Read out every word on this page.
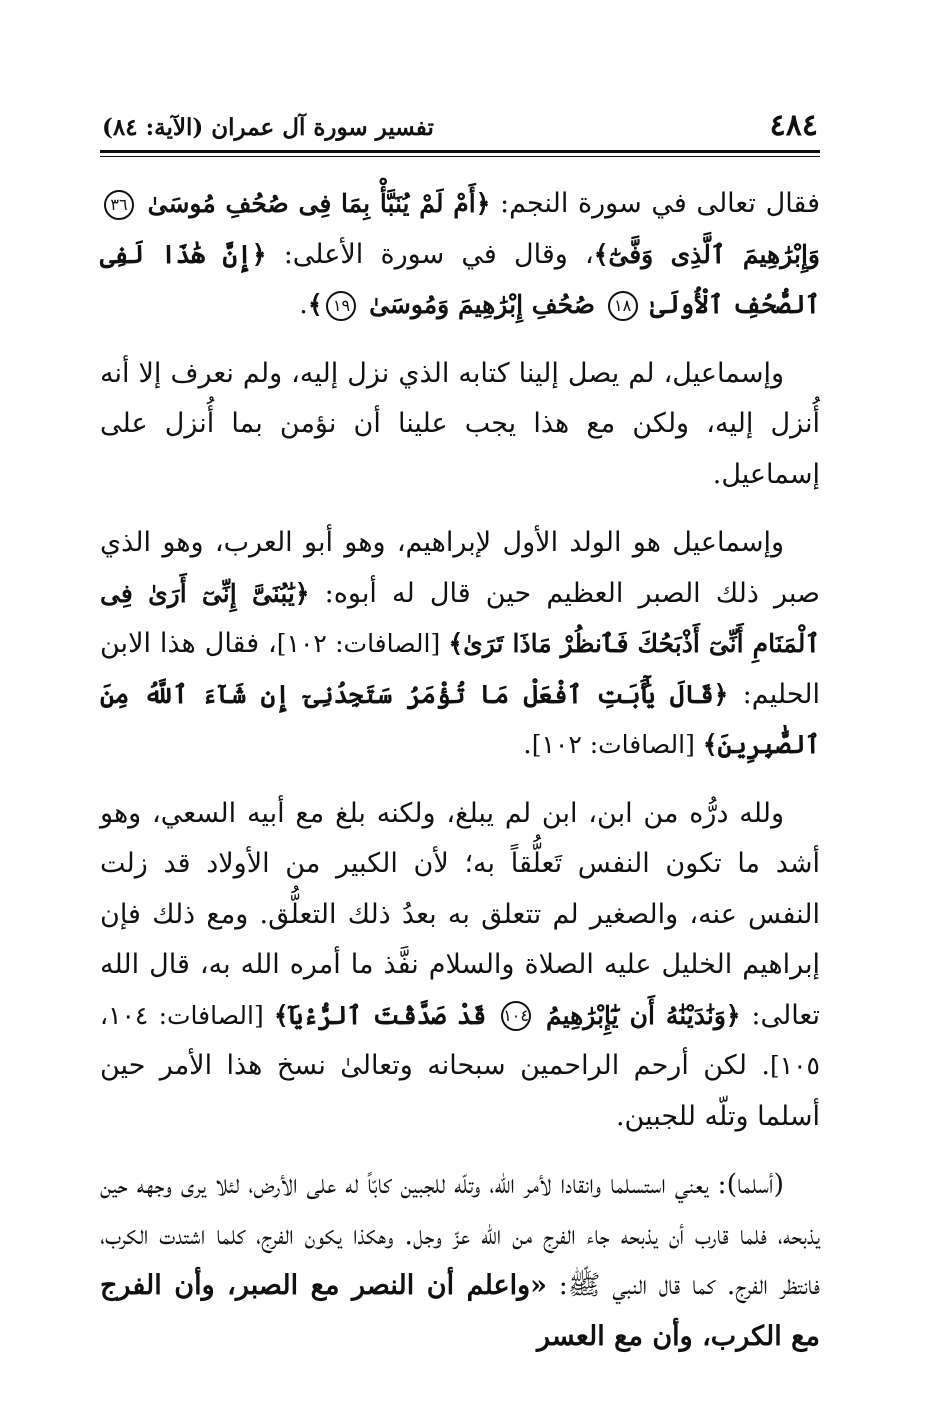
٤٨٤
تفسير سورة آل عمران (الآية: ٨٤)

فقال تعالى في سورة النجم: ﴿أَمْ لَمْ يُنَبَّأْ بِمَا فِى صُحُفِ مُوسَىٰ ٣٦ وَإِبْرَٰهِيمَ ٱلَّذِى وَفَّىٰٓ﴾، وقال في سورة الأعلى: ﴿إِنَّ هَٰذَا لَفِى ٱلصُّحُفِ ٱلْأُولَىٰ ١٨ صُحُفِ إِبْرَٰهِيمَ وَمُوسَىٰ ١٩﴾.

وإسماعيل، لم يصل إلينا كتابه الذي نزل إليه، ولم نعرف إلا أنه أُنزل إليه، ولكن مع هذا يجب علينا أن نؤمن بما أُنزل على إسماعيل.

وإسماعيل هو الولد الأول لإبراهيم، وهو أبو العرب، وهو الذي صبر ذلك الصبر العظيم حين قال له أبوه: ﴿يَٰبُنَىَّ إِنِّىٓ أَرَىٰ فِى ٱلْمَنَامِ أَنِّىٓ أَذْبَحُكَ فَٱنظُرْ مَاذَا تَرَىٰ﴾ [الصافات: ١٠٢]، فقال هذا الابن الحليم: ﴿قَالَ يَٰٓأَبَتِ ٱفْعَلْ مَا تُؤْمَرُ سَتَجِدُنِىٓ إِن شَآءَ ٱللَّهُ مِنَ ٱلصَّٰبِرِينَ﴾ [الصافات: ١٠٢].

ولله درُّه من ابن، ابن لم يبلغ، ولكنه بلغ مع أبيه السعي، وهو أشد ما تكون النفس تَعلُّقاً به؛ لأن الكبير من الأولاد قد زلت النفس عنه، والصغير لم تتعلق به بعدُ ذلك التعلُّق. ومع ذلك فإن إبراهيم الخليل عليه الصلاة والسلام نفَّذ ما أمره الله به، قال الله تعالى: ﴿وَنَٰدَيْنَٰهُ أَن يَٰٓإِبْرَٰهِيمُ ١٠٤ قَدْ صَدَّقْتَ ٱلرُّءْيَآ﴾ [الصافات: ١٠٤، ١٠٥]. لكن أرحم الراحمين سبحانه وتعالىٰ نسخ هذا الأمر حين أسلما وتلّه للجبين.

(أسلما): يعني استسلما وانقادا لأمر الله، وتلّه للجبين كابّاً له على الأرض، لئلا يرى وجهه حين يذبحه، فلما قارب أن يذبحه جاء الفرج من الله عزّ وجل. وهكذا يكون الفرج، كلما اشتدت الكرب، فانتظر الفرج. كما قال النبي ﷺ: «واعلم أن النصر مع الصبر، وأن الفرج مع الكرب، وأن مع العسر
